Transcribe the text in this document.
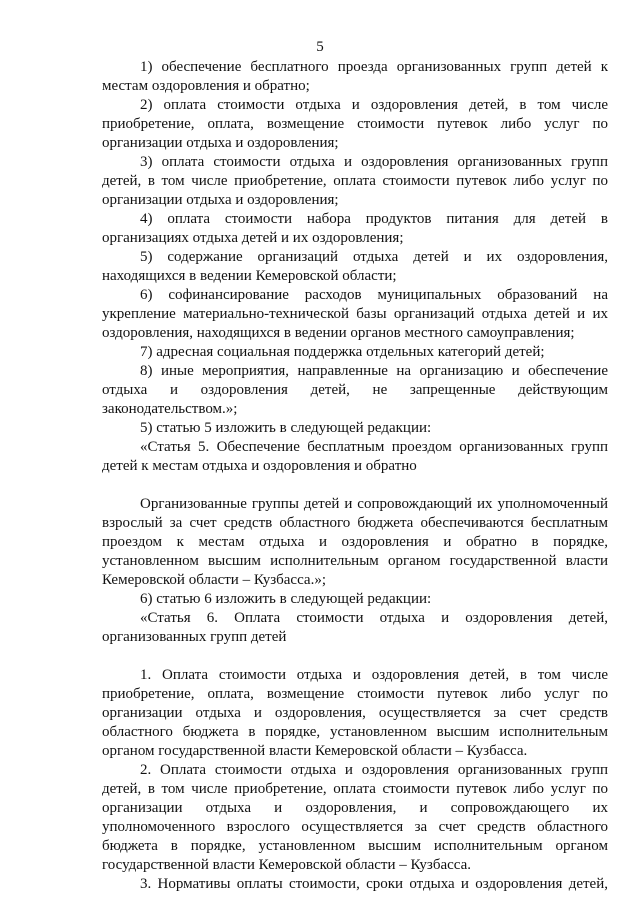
5
1) обеспечение бесплатного проезда организованных групп детей к
местам оздоровления и обратно;
2) оплата стоимости отдыха и оздоровления детей, в том числе
приобретение, оплата, возмещение стоимости путевок либо услуг по
организации отдыха и оздоровления;
3) оплата стоимости отдыха и оздоровления организованных групп
детей, в том числе приобретение, оплата стоимости путевок либо услуг по
организации отдыха и оздоровления;
4) оплата стоимости набора продуктов питания для детей в
организациях отдыха детей и их оздоровления;
5) содержание организаций отдыха детей и их оздоровления,
находящихся в ведении Кемеровской области;
6) софинансирование расходов муниципальных образований на
укрепление материально-технической базы организаций отдыха детей и их
оздоровления, находящихся в ведении органов местного самоуправления;
7) адресная социальная поддержка отдельных категорий детей;
8) иные мероприятия, направленные на организацию и обеспечение
отдыха и оздоровления детей, не запрещенные действующим
законодательством.»;
5) статью 5 изложить в следующей редакции:
«Статья 5. Обеспечение бесплатным проездом организованных групп
детей к местам отдыха и оздоровления и обратно
Организованные группы детей и сопровождающий их уполномоченный
взрослый за счет средств областного бюджета обеспечиваются бесплатным
проездом к местам отдыха и оздоровления и обратно в порядке,
установленном высшим исполнительным органом государственной власти
Кемеровской области – Кузбасса.»;
6) статью 6 изложить в следующей редакции:
«Статья 6. Оплата стоимости отдыха и оздоровления детей,
организованных групп детей
1. Оплата стоимости отдыха и оздоровления детей, в том числе
приобретение, оплата, возмещение стоимости путевок либо услуг по
организации отдыха и оздоровления, осуществляется за счет средств
областного бюджета в порядке, установленном высшим исполнительным
органом государственной власти Кемеровской области – Кузбасса.
2. Оплата стоимости отдыха и оздоровления организованных групп
детей, в том числе приобретение, оплата стоимости путевок либо услуг по
организации отдыха и оздоровления, и сопровождающего их
уполномоченного взрослого осуществляется за счет средств областного
бюджета в порядке, установленном высшим исполнительным органом
государственной власти Кемеровской области – Кузбасса.
3. Нормативы оплаты стоимости, сроки отдыха и оздоровления детей,
